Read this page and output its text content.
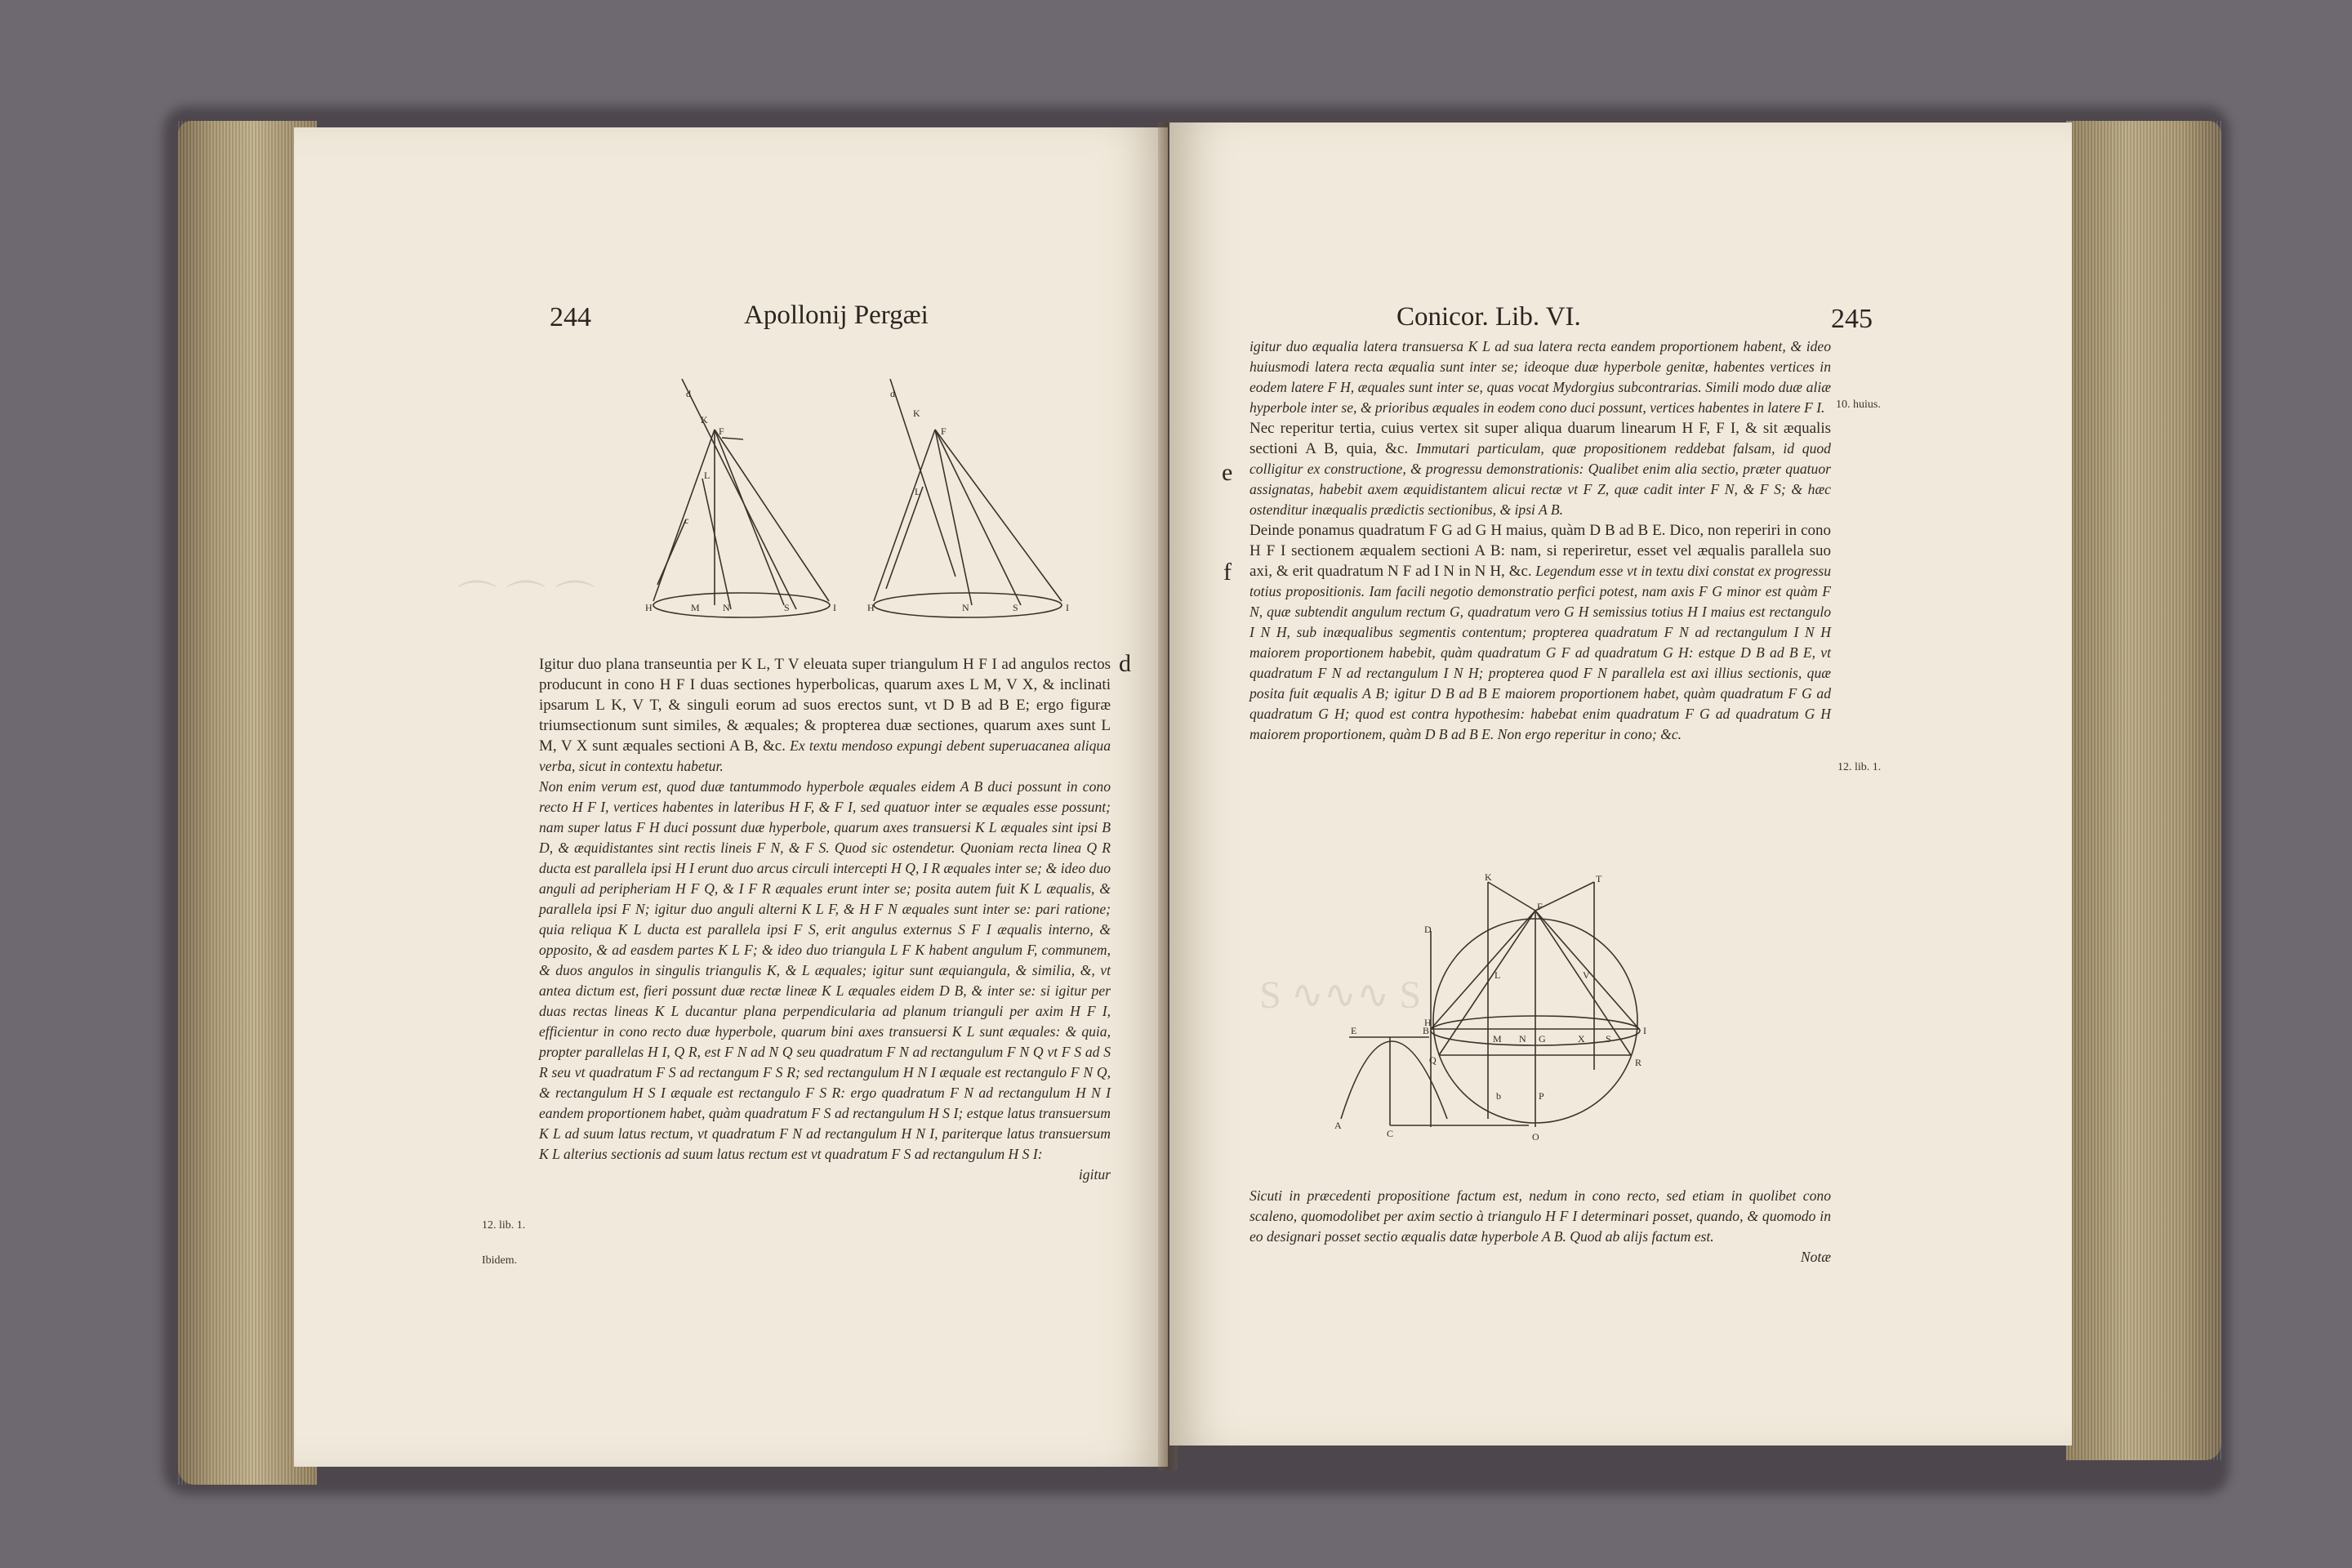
⌒ ⌒ ⌒
244	Apollonij Pergæi
d
K
F
L
c
H	M N	S	I
d
K
F
L
H	N	S	I

Igitur duo plana transeuntia per K L, T V eleuata super triangulum H F I ad angulos rectos producunt in cono H F I duas sectiones hyperbolicas, quarum axes L M, V X, & inclinati ipsarum L K, V T, & singuli eorum ad suos erectos sunt, vt D B ad B E; ergo figuræ triumsectionum sunt similes, & æquales; & propterea duæ sectiones, quarum axes sunt L M, V X sunt æquales sectioni A B, &c. Ex textu mendoso expungi debent superuacanea aliqua verba, sicut in contextu habetur.

Non enim verum est, quod duæ tantummodo hyperbole æquales eidem A B duci possunt in cono recto H F I, vertices habentes in lateribus H F, & F I, sed quatuor inter se æquales esse possunt; nam super latus F H duci possunt duæ hyperbole, quarum axes transuersi K L æquales sint ipsi B D, & æquidistantes sint rectis lineis F N, & F S. Quod sic ostendetur. Quoniam recta linea Q R ducta est parallela ipsi H I erunt duo arcus circuli intercepti H Q, I R æquales inter se; & ideo duo anguli ad peripheriam H F Q, & I F R æquales erunt inter se; posita autem fuit K L æqualis, & parallela ipsi F N; igitur duo anguli alterni K L F, & H F N æquales sunt inter se: pari ratione; quia reliqua K L ducta est parallela ipsi F S, erit angulus externus S F I æqualis interno, & opposito, & ad easdem partes K L F; & ideo duo triangula L F K habent angulum F, communem, & duos angulos in singulis triangulis K, & L æquales; igitur sunt æquiangula, & similia, &, vt antea dictum est, fieri possunt duæ rectæ lineæ K L æquales eidem D B, & inter se: si igitur per duas rectas lineas K L ducantur plana perpendicularia ad planum trianguli per axim H F I, efficientur in cono recto duæ hyperbole, quarum bini axes transuersi K L sunt æquales: & quia, propter parallelas H I, Q R, est F N ad N Q seu quadratum F N ad rectangulum F N Q vt F S ad S R seu vt quadratum F S ad rectangum F S R; sed rectangulum H N I æquale est rectangulo F N Q, & rectangulum H S I æquale est rectangulo F S R: ergo quadratum F N ad rectangulum H N I eandem proportionem habet, quàm quadratum F S ad rectangulum H S I; estque latus transuersum K L ad suum latus rectum, vt quadratum F N ad rectangulum H N I, pariterque latus transuersum K L alterius sectionis ad suum latus rectum est vt quadratum F S ad rectangulum H S I:

igitur

d
12. lib. 1.
Ibidem.
S ∿∿∿ S
Conicor. Lib. VI.	245

igitur duo æqualia latera transuersa K L ad sua latera recta eandem proportionem habent, & ideo huiusmodi latera recta æqualia sunt inter se; ideoque duæ hyperbole genitæ, habentes vertices in eodem latere F H, æquales sunt inter se, quas vocat Mydorgius subcontrarias. Simili modo duæ aliæ hyperbole inter se, & prioribus æquales in eodem cono duci possunt, vertices habentes in latere F I.

Nec reperitur tertia, cuius vertex sit super aliqua duarum linearum H F, F I, & sit æqualis sectioni A B, quia, &c. Immutari particulam, quæ propositionem reddebat falsam, id quod colligitur ex constructione, & progressu demonstrationis: Qualibet enim alia sectio, præter quatuor assignatas, habebit axem æquidistantem alicui rectæ vt F Z, quæ cadit inter F N, & F S; & hæc ostenditur inæqualis prædictis sectionibus, & ipsi A B.

Deinde ponamus quadratum F G ad G H maius, quàm D B ad B E. Dico, non reperiri in cono H F I sectionem æqualem sectioni A B: nam, si reperiretur, esset vel æqualis parallela suo axi, & erit quadratum N F ad I N in N H, &c. Legendum esse vt in textu dixi constat ex progressu totius propositionis. Iam facili negotio demonstratio perfici potest, nam axis F G minor est quàm F N, quæ subtendit angulum rectum G, quadratum vero G H semissius totius H I maius est rectangulo I N H, sub inæqualibus segmentis contentum; propterea quadratum F N ad rectangulum I N H maiorem proportionem habebit, quàm quadratum G F ad quadratum G H: estque D B ad B E, vt quadratum F N ad rectangulum I N H; propterea quod F N parallela est axi illius sectionis, quæ posita fuit æqualis A B; igitur D B ad B E maiorem proportionem habet, quàm quadratum F G ad quadratum G H; quod est contra hypothesim: habebat enim quadratum F G ad quadratum G H maiorem proportionem, quàm D B ad B E. Non ergo reperitur in cono; &c.

K	T
F
D
L	V
E	B
H
M N G	X S
I
Q	R
A
C
b	P
O

Sicuti in præcedenti propositione factum est, nedum in cono recto, sed etiam in quolibet cono scaleno, quomodolibet per axim sectio à triangulo H F I determinari posset, quando, & quomodo in eo designari posset sectio æqualis datæ hyperbole A B. Quod ab alijs factum est.

Notæ

e
f
10. huius.
12. lib. 1.
